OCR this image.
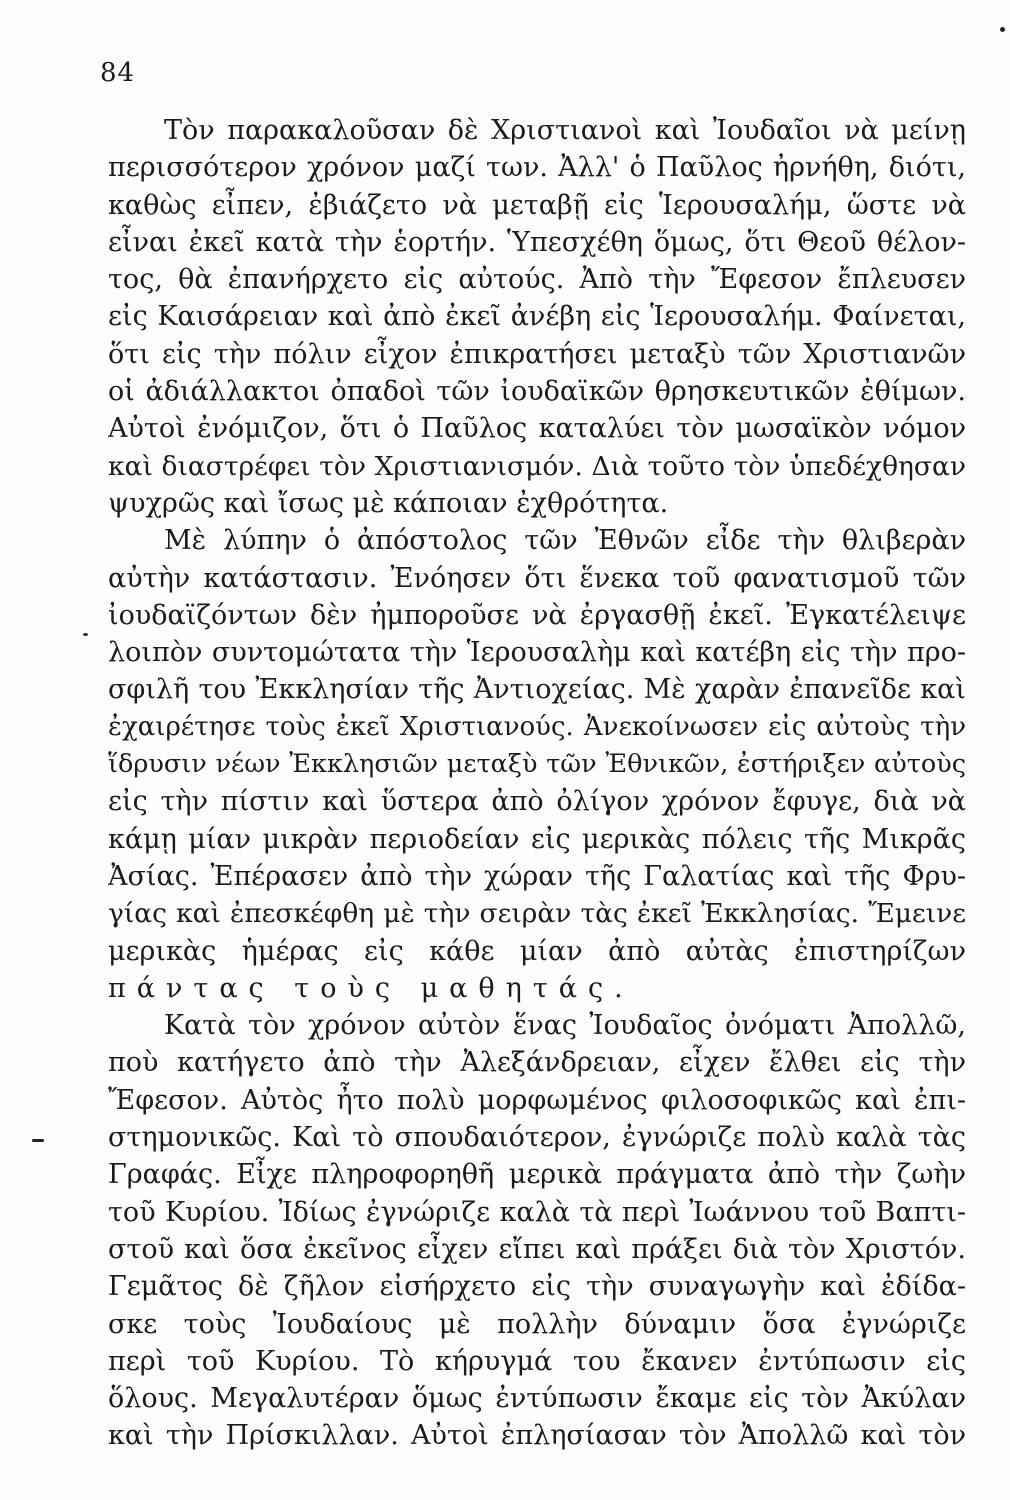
84
Τὸν παρακαλοῦσαν δὲ Χριστιανοὶ καὶ Ἰουδαῖοι νὰ μείνῃ
περισσότερον χρόνον μαζί των. Ἀλλ' ὁ Παῦλος ἠρνήθη, διότι,
καθὼς εἶπεν, ἐβιάζετο νὰ μεταβῇ εἰς Ἱερουσαλήμ, ὥστε νὰ
εἶναι ἐκεῖ κατὰ τὴν ἑορτήν. Ὑπεσχέθη ὅμως, ὅτι Θεοῦ θέλον-
τος, θὰ ἐπανήρχετο εἰς αὐτούς. Ἀπὸ τὴν Ἔφεσον ἔπλευσεν
εἰς Καισάρειαν καὶ ἀπὸ ἐκεῖ ἀνέβη εἰς Ἱερουσαλήμ. Φαίνεται,
ὅτι εἰς τὴν πόλιν εἶχον ἐπικρατήσει μεταξὺ τῶν Χριστιανῶν
οἱ ἀδιάλλακτοι ὀπαδοὶ τῶν ἰουδαϊκῶν θρησκευτικῶν ἐθίμων.
Αὐτοὶ ἐνόμιζον, ὅτι ὁ Παῦλος καταλύει τὸν μωσαϊκὸν νόμον
καὶ διαστρέφει τὸν Χριστιανισμόν. Διὰ τοῦτο τὸν ὑπεδέχθησαν
ψυχρῶς καὶ ἴσως μὲ κάποιαν ἐχθρότητα.
Μὲ λύπην ὁ ἀπόστολος τῶν Ἐθνῶν εἶδε τὴν θλιβερὰν
αὐτὴν κατάστασιν. Ἐνόησεν ὅτι ἕνεκα τοῦ φανατισμοῦ τῶν
ἰουδαϊζόντων δὲν ἠμποροῦσε νὰ ἐργασθῇ ἐκεῖ. Ἐγκατέλειψε
λοιπὸν συντομώτατα τὴν Ἱερουσαλὴμ καὶ κατέβη εἰς τὴν προ-
σφιλῆ του Ἐκκλησίαν τῆς Ἀντιοχείας. Μὲ χαρὰν ἐπανεῖδε καὶ
ἐχαιρέτησε τοὺς ἐκεῖ Χριστιανούς. Ἀνεκοίνωσεν εἰς αὐτοὺς τὴν
ἵδρυσιν νέων Ἐκκλησιῶν μεταξὺ τῶν Ἐθνικῶν, ἐστήριξεν αὐτοὺς
εἰς τὴν πίστιν καὶ ὕστερα ἀπὸ ὀλίγον χρόνον ἔφυγε, διὰ νὰ
κάμῃ μίαν μικρὰν περιοδείαν εἰς μερικὰς πόλεις τῆς Μικρᾶς
Ἀσίας. Ἐπέρασεν ἀπὸ τὴν χώραν τῆς Γαλατίας καὶ τῆς Φρυ-
γίας καὶ ἐπεσκέφθη μὲ τὴν σειρὰν τὰς ἐκεῖ Ἐκκλησίας. Ἔμεινε
μερικὰς ἡμέρας εἰς κάθε μίαν ἀπὸ αὐτὰς ἐπιστηρίζων
πάντας τοὺς μαθητάς.
Κατὰ τὸν χρόνον αὐτὸν ἕνας Ἰουδαῖος ὀνόματι Ἀπολλῶ,
ποὺ κατήγετο ἀπὸ τὴν Ἀλεξάνδρειαν, εἶχεν ἔλθει εἰς τὴν
Ἔφεσον. Αὐτὸς ἦτο πολὺ μορφωμένος φιλοσοφικῶς καὶ ἐπι-
στημονικῶς. Καὶ τὸ σπουδαιότερον, ἐγνώριζε πολὺ καλὰ τὰς
Γραφάς. Εἶχε πληροφορηθῆ μερικὰ πράγματα ἀπὸ τὴν ζωὴν
τοῦ Κυρίου. Ἰδίως ἐγνώριζε καλὰ τὰ περὶ Ἰωάννου τοῦ Βαπτι-
στοῦ καὶ ὅσα ἐκεῖνος εἶχεν εἴπει καὶ πράξει διὰ τὸν Χριστόν.
Γεμᾶτος δὲ ζῆλον εἰσήρχετο εἰς τὴν συναγωγὴν καὶ ἐδίδα-
σκε τοὺς Ἰουδαίους μὲ πολλὴν δύναμιν ὅσα ἐγνώριζε
περὶ τοῦ Κυρίου. Τὸ κήρυγμά του ἔκανεν ἐντύπωσιν εἰς
ὅλους. Μεγαλυτέραν ὅμως ἐντύπωσιν ἔκαμε εἰς τὸν Ἀκύλαν
καὶ τὴν Πρίσκιλλαν. Αὐτοὶ ἐπλησίασαν τὸν Ἀπολλῶ καὶ τὸν
